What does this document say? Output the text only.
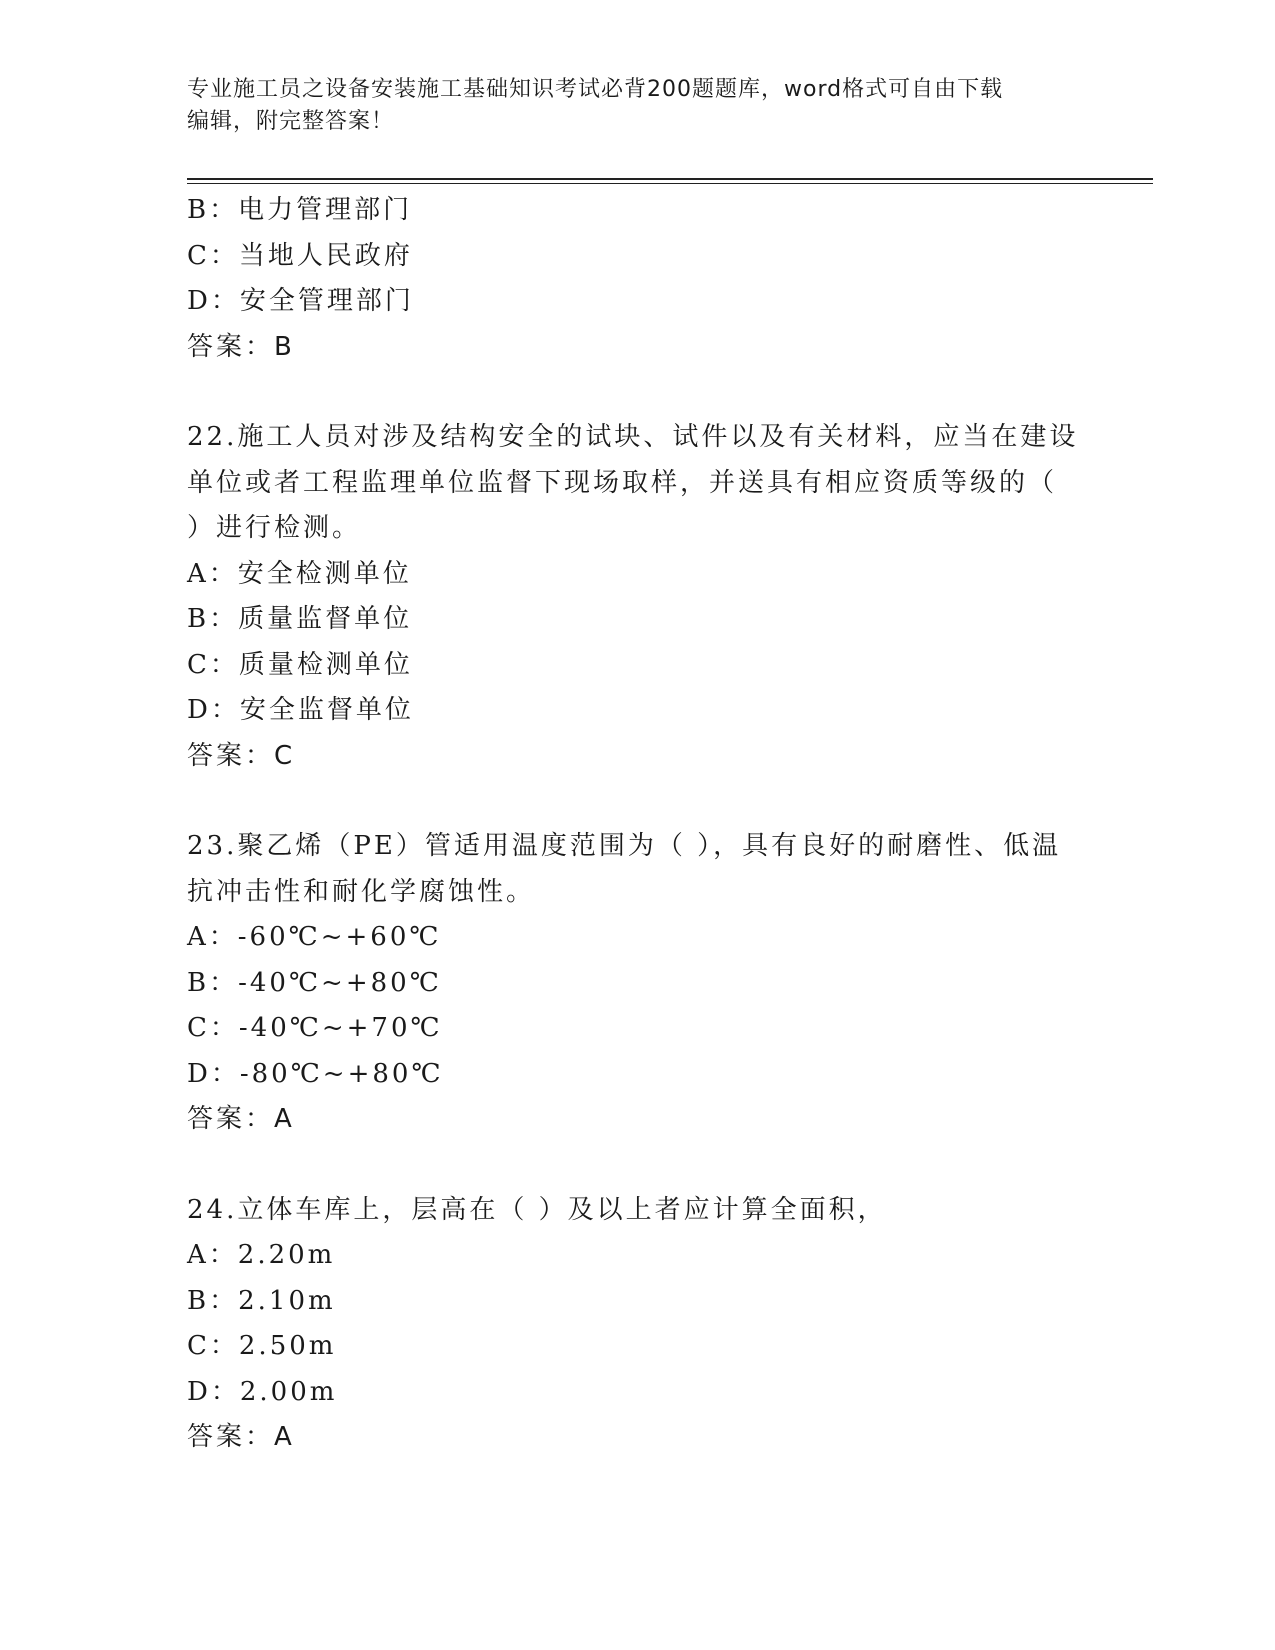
专业施工员之设备安装施工基础知识考试必背200题题库，word格式可自由下载
编辑，附完整答案！
B：电力管理部门
C：当地人民政府
D：安全管理部门
答案：B
22.施工人员对涉及结构安全的试块、试件以及有关材料，应当在建设
单位或者工程监理单位监督下现场取样，并送具有相应资质等级的（
）进行检测。
A：安全检测单位
B：质量监督单位
C：质量检测单位
D：安全监督单位
答案：C
23.聚乙烯（PE）管适用温度范围为（ ），具有良好的耐磨性、低温
抗冲击性和耐化学腐蚀性。
A：-60℃~+60℃
B：-40℃~+80℃
C：-40℃~+70℃
D：-80℃~+80℃
答案：A
24.立体车库上，层高在（ ）及以上者应计算全面积，
A：2.20m
B：2.10m
C：2.50m
D：2.00m
答案：A
